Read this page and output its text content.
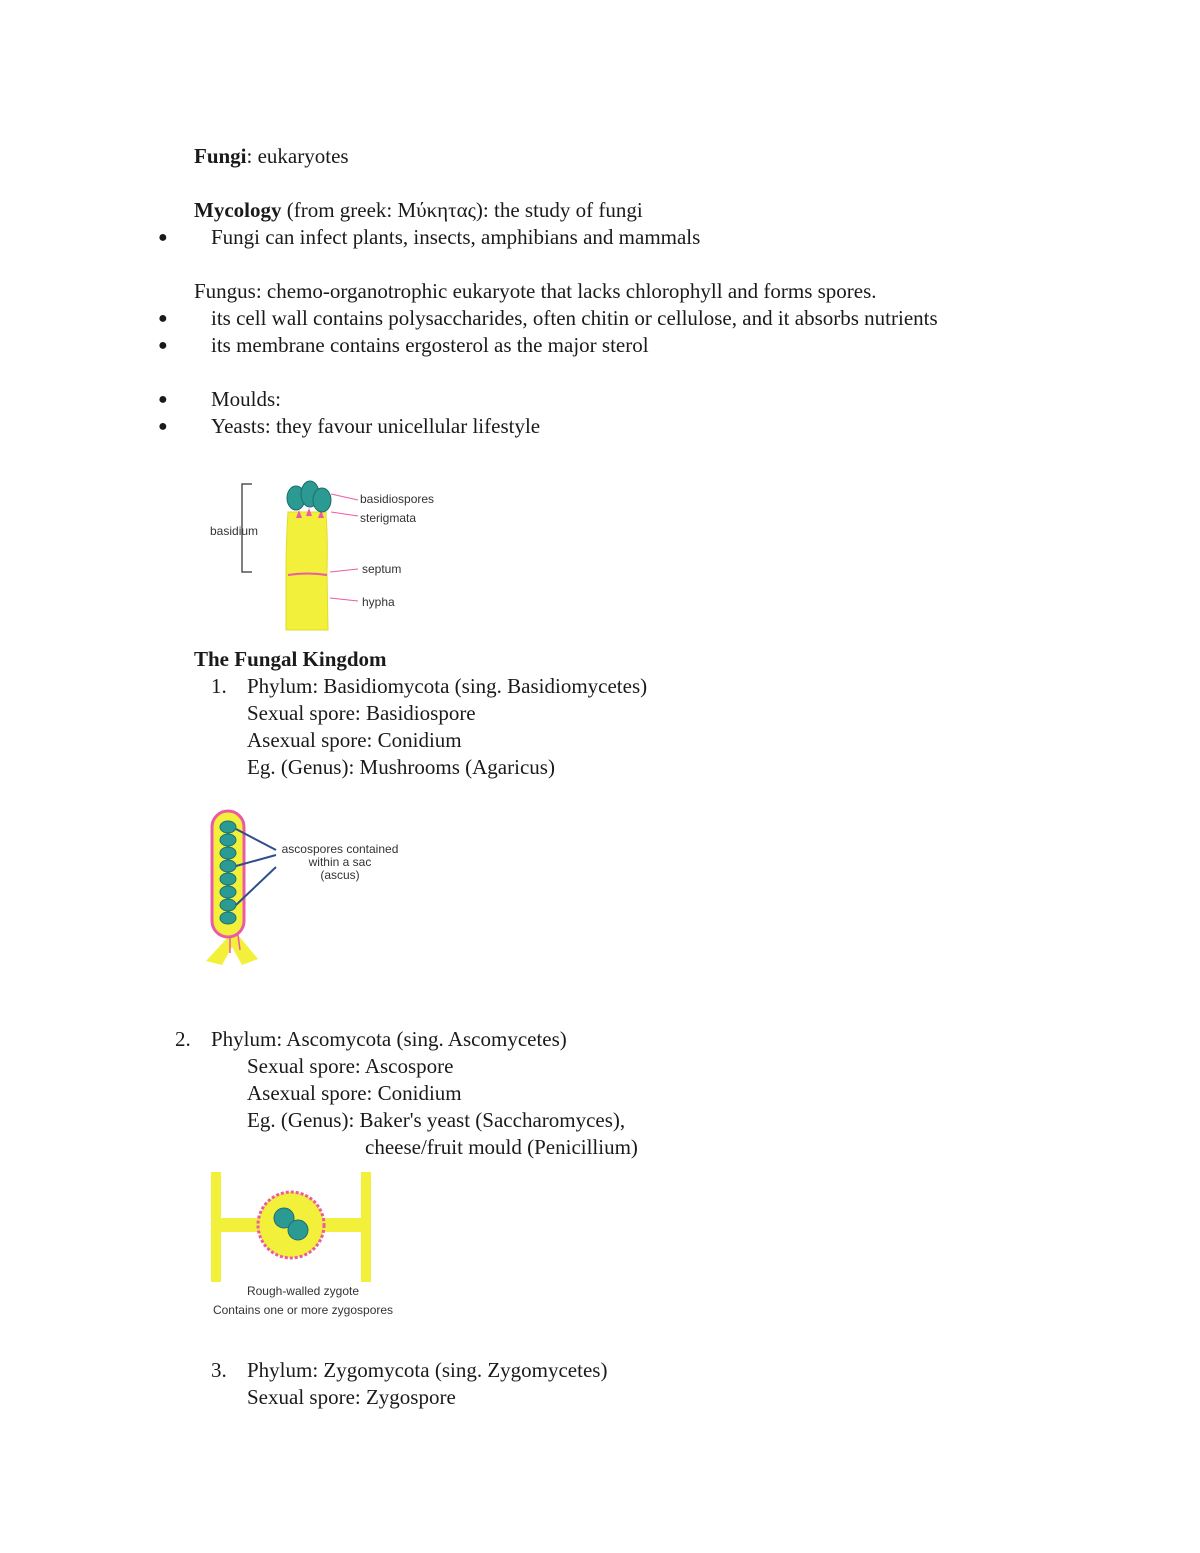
Fungi: eukaryotes
Mycology (from greek: Μύκητας): the study of fungi
● Fungi can infect plants, insects, amphibians and mammals
Fungus: chemo-organotrophic eukaryote that lacks chlorophyll and forms spores.
● its cell wall contains polysaccharides, often chitin or cellulose, and it absorbs nutrients
● its membrane contains ergosterol as the major sterol
● Moulds:
● Yeasts: they favour unicellular lifestyle
basidium
basidiospores
sterigmata
septum
hypha
The Fungal Kingdom
1. Phylum: Basidiomycota (sing. Basidiomycetes)
Sexual spore: Basidiospore
Asexual spore: Conidium
Eg. (Genus): Mushrooms (Agaricus)
ascospores contained
within a sac
(ascus)
2. Phylum: Ascomycota (sing. Ascomycetes)
Sexual spore: Ascospore
Asexual spore: Conidium
Eg. (Genus): Baker's yeast (Saccharomyces),
cheese/fruit mould (Penicillium)
Rough-walled zygote
Contains one or more zygospores
3. Phylum: Zygomycota (sing. Zygomycetes)
Sexual spore: Zygospore
